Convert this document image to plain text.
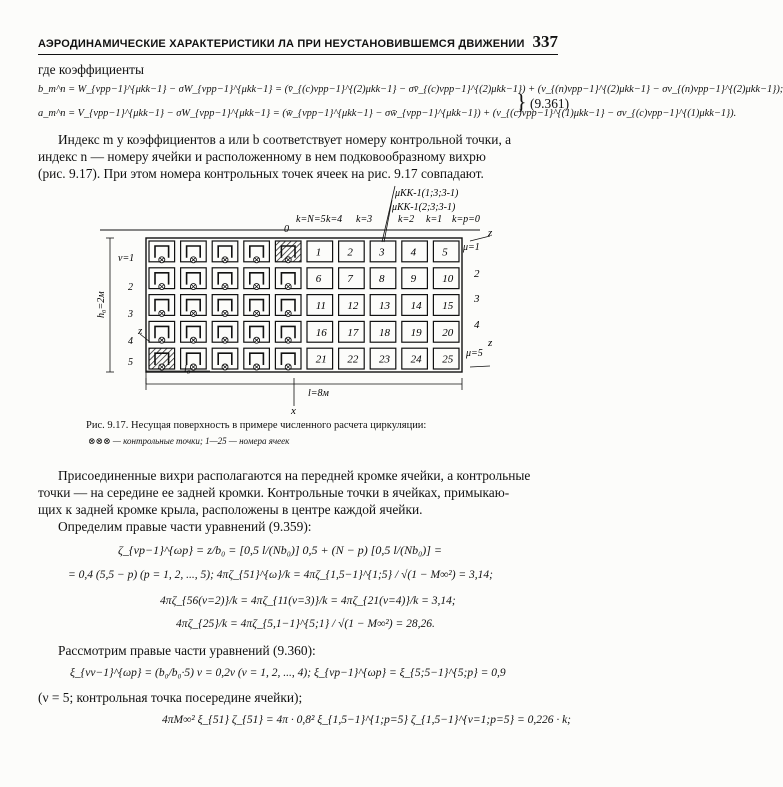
АЭРОДИНАМИЧЕСКИЕ ХАРАКТЕРИСТИКИ ЛА ПРИ НЕУСТАНОВИВШЕМСЯ ДВИЖЕНИИ 337
где коэффициенты
b_m^n = W_{νpp−1}^{μkk−1} − σW_{νpp−1}^{μkk−1} = (v̄_{(c)νpp−1}^{(2)μkk−1} − σv̄_{(c)νpp−1}^{(2)μkk−1}) + (v_{(n)νpp−1}^{(2)μkk−1} − σv_{(n)νpp−1}^{(2)μkk−1});
a_m^n = V_{νpp−1}^{μkk−1} − σW_{νpp−1}^{μkk−1} = (w̄_{νpp−1}^{μkk−1} − σw̄_{νpp−1}^{μkk−1}) + (v_{(c)νpp−1}^{(1)μkk−1} − σv_{(c)νpp−1}^{(1)μkk−1}).
} (9.361)
Индекс m у коэффициентов a или b соответствует номеру контрольной точки, а
индекс n — номеру ячейки и расположенному в нем подковообразному вихрю
(рис. 9.17). При этом номера контрольных точек ячеек на рис. 9.17 совпадают.
1 2 3 4 5
6 7 8 9 10
11 12 13 14 15
16 17 18 19 20
21 22 23 24 25
μКК-1(1;3;3-1)
μКК-1(2;3;3-1)
k=N=5 k=4 k=3	k=2 k=1 k=p=0
0	z
z
z
x
μ=1
μ=5
2
3
4
ν=1
2
3
4
5
h₀=2м
l=8м
l₀
Рис. 9.17. Несущая поверхность в примере численного расчета циркуляции:
⊗⊗⊗ — контрольные точки; 1—25 — номера ячеек
Присоединенные вихри располагаются на передней кромке ячейки, а контрольные
точки — на середине ее задней кромки. Контрольные точки в ячейках, примыкаю-
щих к задней кромке крыла, расположены в центре каждой ячейки.
Определим правые части уравнений (9.359):
ζ_{νp−1}^{ωp} = z/b₀ = [0,5 l/(Nb₀)] 0,5 + (N − p) [0,5 l/(Nb₀)] =
= 0,4 (5,5 − p) (p = 1, 2, ..., 5); 4πζ_{51}^{ω}/k = 4πζ_{1,5−1}^{1;5} / √(1 − M∞²) = 3,14;
4πζ_{56(ν=2)}/k = 4πζ_{11(ν=3)}/k = 4πζ_{21(ν=4)}/k = 3,14;
4πζ_{25}/k = 4πζ_{5,1−1}^{5;1} / √(1 − M∞²) = 28,26.
Рассмотрим правые части уравнений (9.360):
ξ_{νν−1}^{ωp} = (b₀/b₀·5) ν = 0,2ν (ν = 1, 2, ..., 4); ξ_{νp−1}^{ωp} = ξ_{5;5−1}^{5;p} = 0,9
(ν = 5; контрольная точка посередине ячейки);
4πM∞² ξ_{51} ζ_{51} = 4π · 0,8² ξ_{1,5−1}^{1;p=5} ζ_{1,5−1}^{ν=1;p=5} = 0,226 · k;
